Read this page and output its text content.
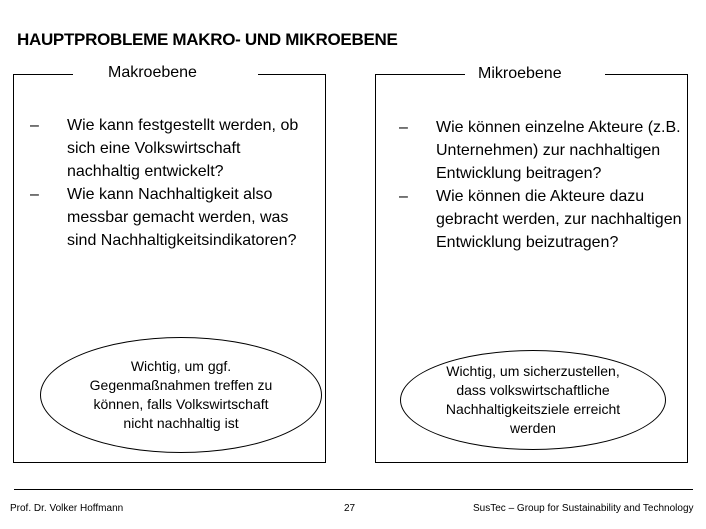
HAUPTPROBLEME MAKRO- UND MIKROEBENE
Makroebene
– Wie kann festgestellt werden, ob sich eine Volkswirtschaft nachhaltig entwickelt?
– Wie kann Nachhaltigkeit also messbar gemacht werden, was sind Nachhaltigkeitsindikatoren?
Wichtig, um ggf. Gegenmaßnahmen treffen zu können, falls Volkswirtschaft nicht nachhaltig ist
Mikroebene
– Wie können einzelne Akteure (z.B. Unternehmen) zur nachhaltigen Entwicklung beitragen?
– Wie können die Akteure dazu gebracht werden, zur nachhaltigen Entwicklung beizutragen?
Wichtig, um sicherzustellen, dass volkswirtschaftliche Nachhaltigkeitsziele erreicht werden
Prof. Dr. Volker Hoffmann	27	SusTec – Group for Sustainability and Technology
